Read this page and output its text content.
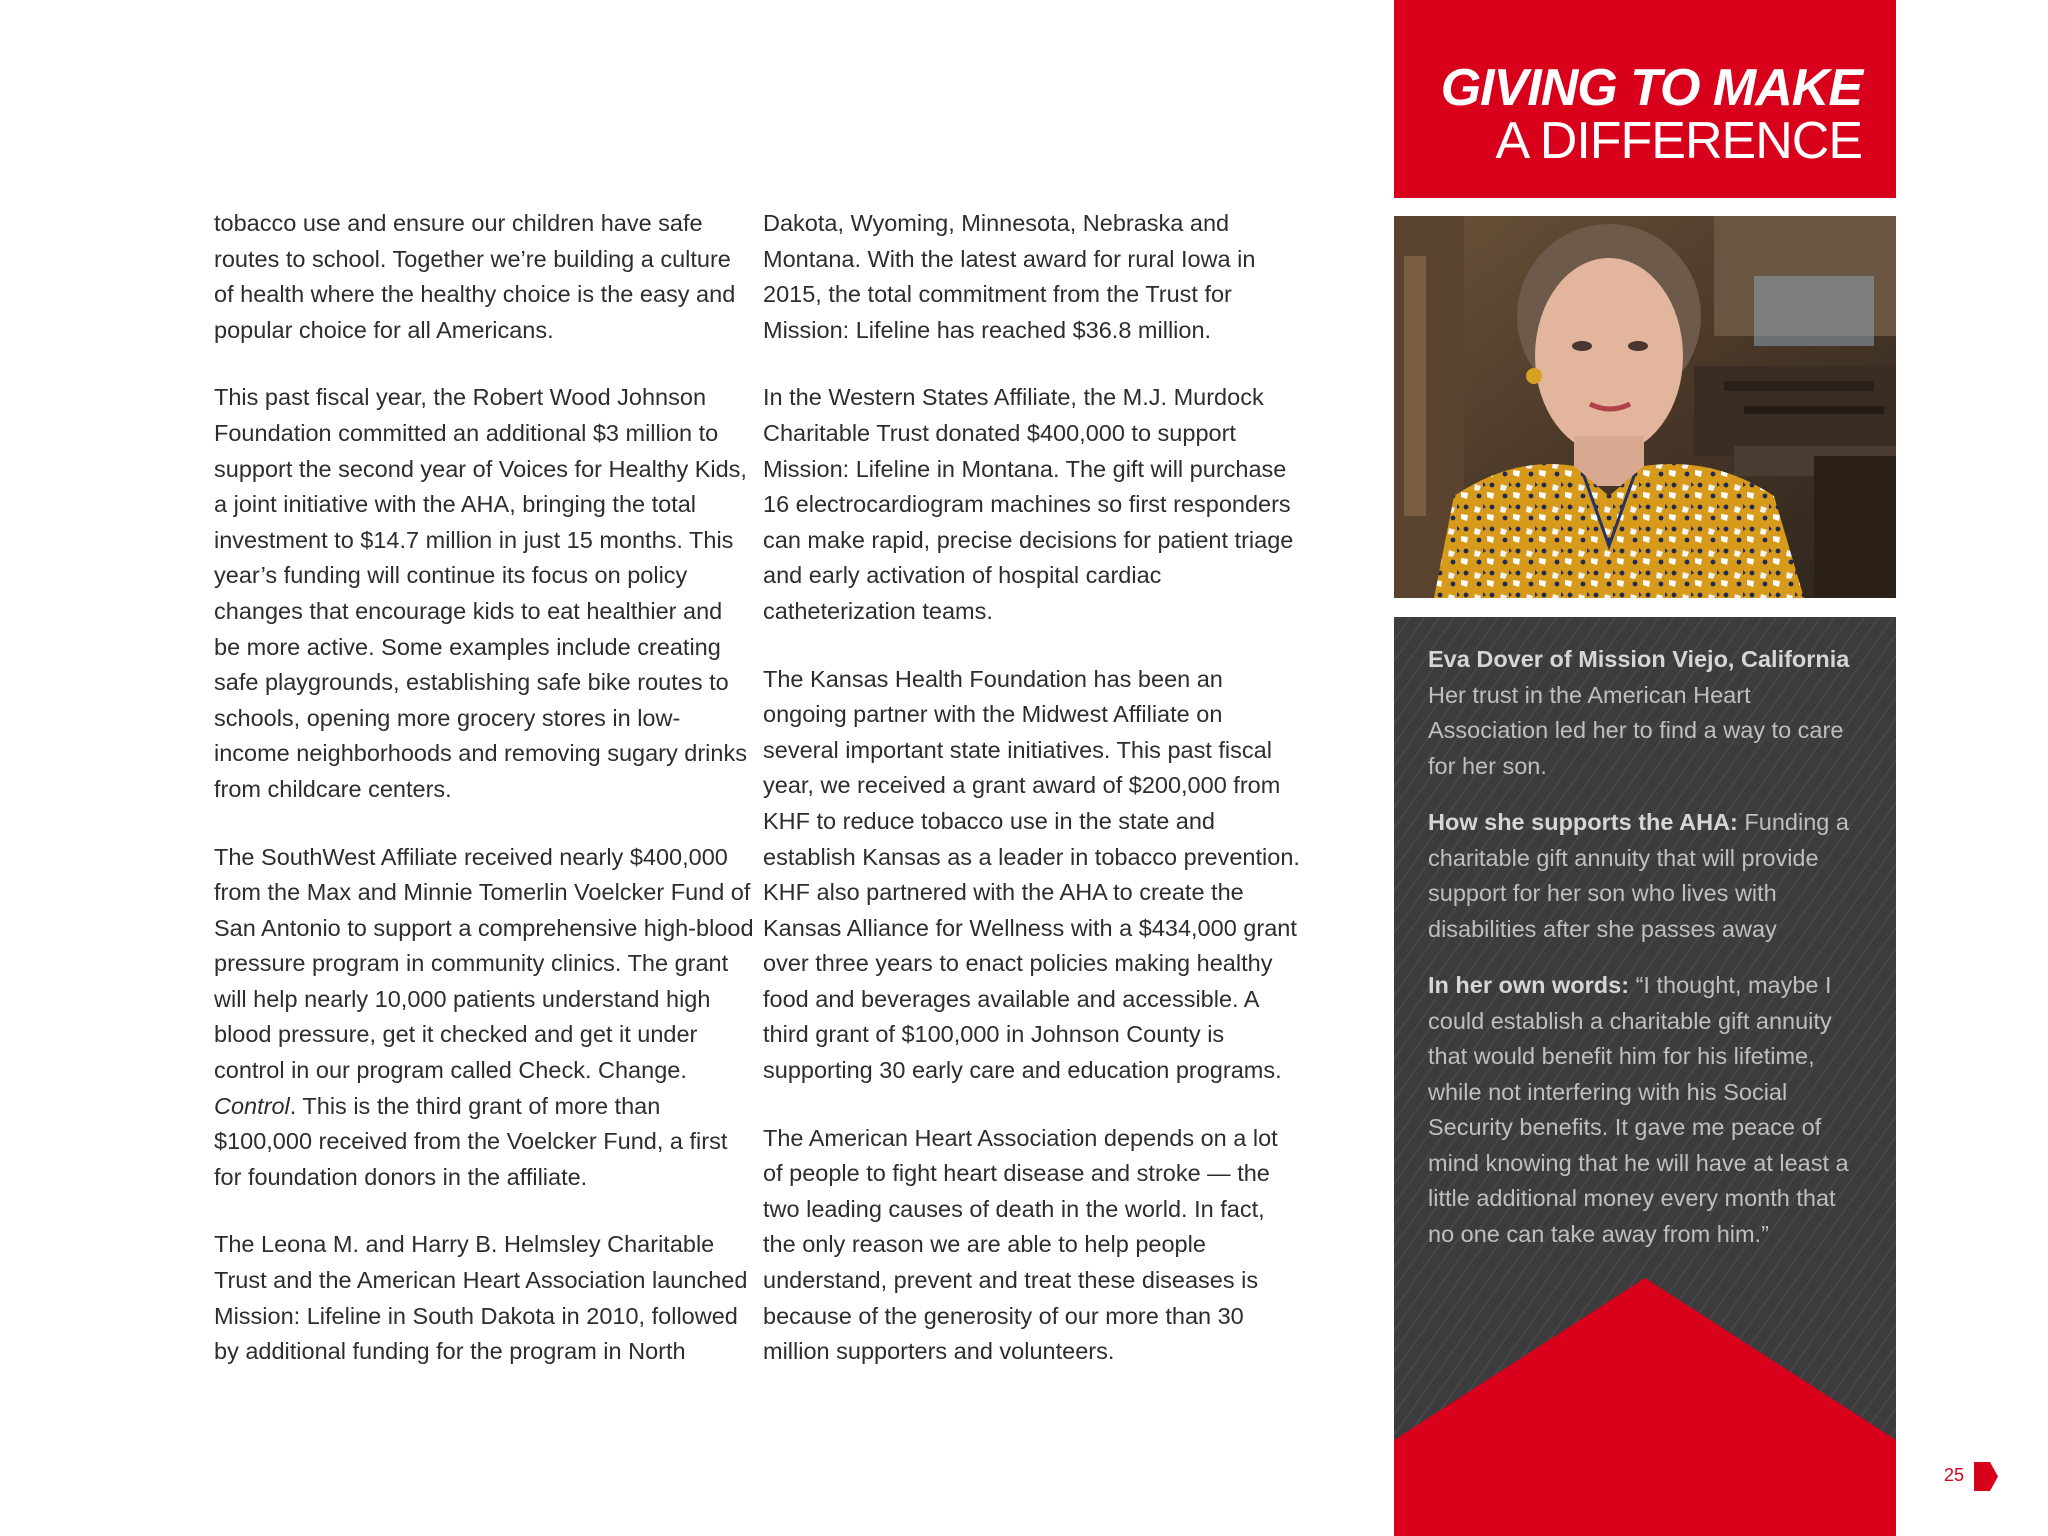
tobacco use and ensure our children have safe routes to school. Together we’re building a culture of health where the healthy choice is the easy and popular choice for all Americans.

This past fiscal year, the Robert Wood Johnson Foundation committed an additional $3 million to support the second year of Voices for Healthy Kids, a joint initiative with the AHA, bringing the total investment to $14.7 million in just 15 months. This year’s funding will continue its focus on policy changes that encourage kids to eat healthier and be more active. Some examples include creating safe playgrounds, establishing safe bike routes to schools, opening more grocery stores in low-income neighborhoods and removing sugary drinks from childcare centers.

The SouthWest Affiliate received nearly $400,000 from the Max and Minnie Tomerlin Voelcker Fund of San Antonio to support a comprehensive high-blood pressure program in community clinics. The grant will help nearly 10,000 patients understand high blood pressure, get it checked and get it under control in our program called Check. Change. Control. This is the third grant of more than $100,000 received from the Voelcker Fund, a first for foundation donors in the affiliate.

The Leona M. and Harry B. Helmsley Charitable Trust and the American Heart Association launched Mission: Lifeline in South Dakota in 2010, followed by additional funding for the program in North

Dakota, Wyoming, Minnesota, Nebraska and Montana. With the latest award for rural Iowa in 2015, the total commitment from the Trust for Mission: Lifeline has reached $36.8 million.

In the Western States Affiliate, the M.J. Murdock Charitable Trust donated $400,000 to support Mission: Lifeline in Montana. The gift will purchase 16 electrocardiogram machines so first responders can make rapid, precise decisions for patient triage and early activation of hospital cardiac catheterization teams.

The Kansas Health Foundation has been an ongoing partner with the Midwest Affiliate on several important state initiatives. This past fiscal year, we received a grant award of $200,000 from KHF to reduce tobacco use in the state and establish Kansas as a leader in tobacco prevention. KHF also partnered with the AHA to create the Kansas Alliance for Wellness with a $434,000 grant over three years to enact policies making healthy food and beverages available and accessible. A third grant of $100,000 in Johnson County is supporting 30 early care and education programs.

The American Heart Association depends on a lot of people to fight heart disease and stroke — the two leading causes of death in the world. In fact, the only reason we are able to help people understand, prevent and treat these diseases is because of the generosity of our more than 30 million supporters and volunteers.

GIVING TO MAKE
A DIFFERENCE

Eva Dover of Mission Viejo, California
Her trust in the American Heart Association led her to find a way to care for her son.

How she supports the AHA: Funding a charitable gift annuity that will provide support for her son who lives with disabilities after she passes away

In her own words: “I thought, maybe I could establish a charitable gift annuity that would benefit him for his lifetime, while not interfering with his Social Security benefits. It gave me peace of mind knowing that he will have at least a little additional money every month that no one can take away from him.”

25
